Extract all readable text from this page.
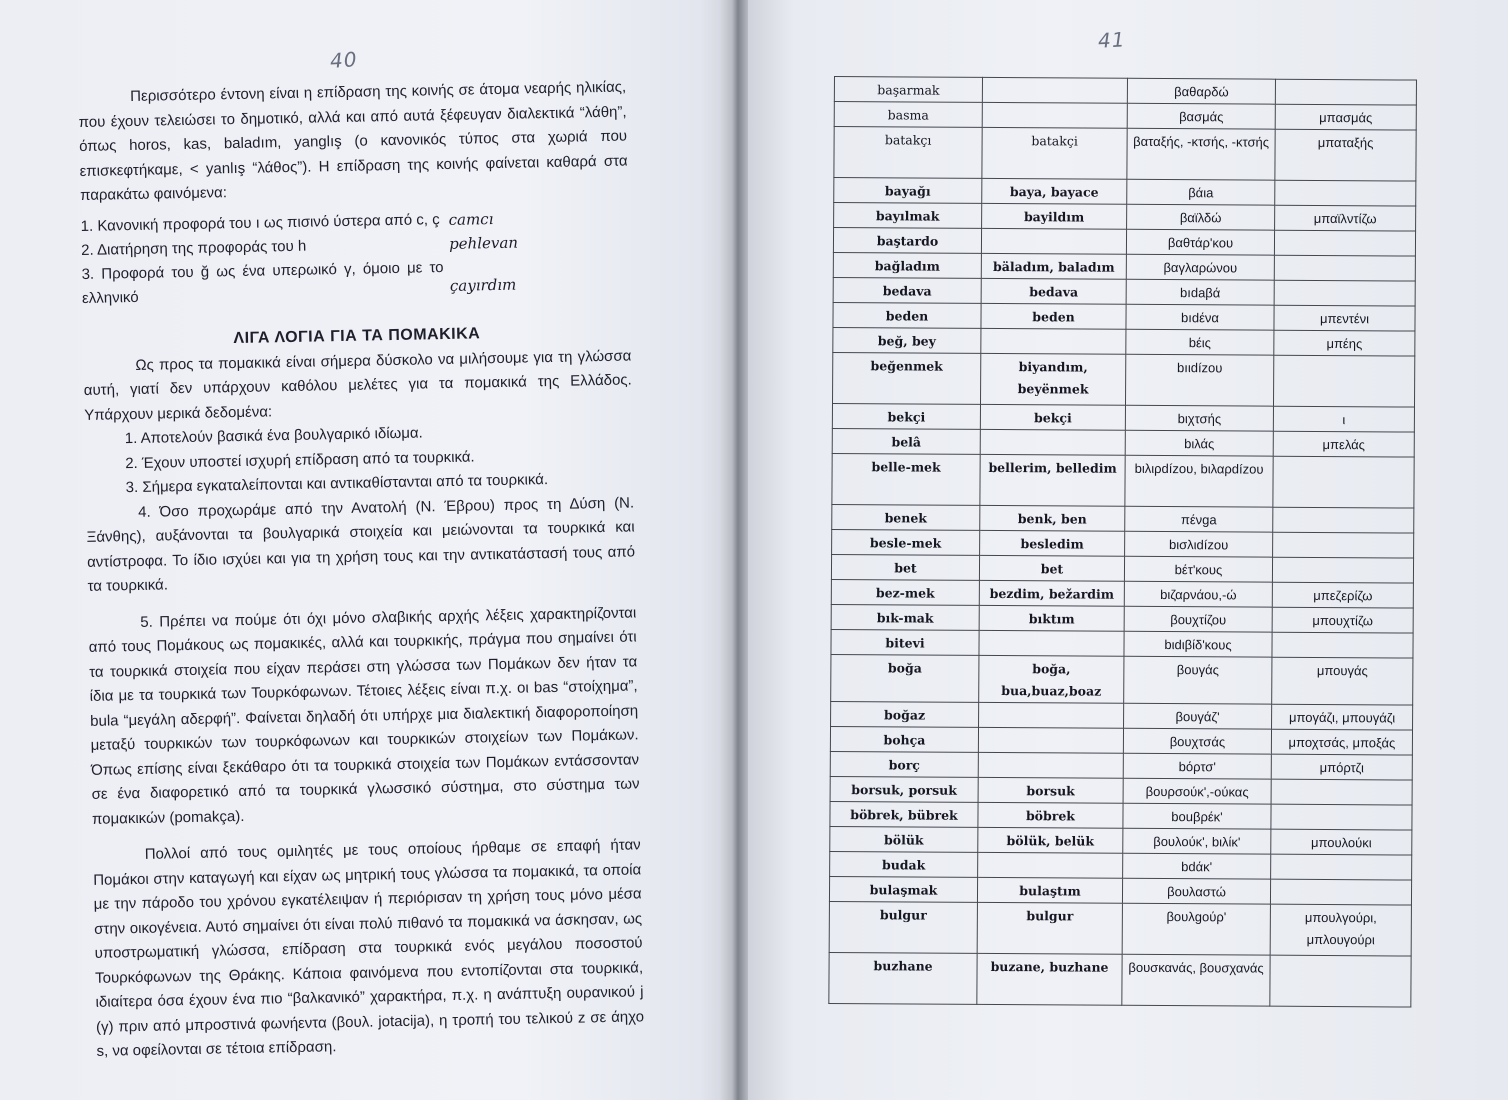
40

Περισσότερο έντονη είναι η επίδραση της κοινής σε άτομα νεαρής ηλικίας, που έχουν τελειώσει το δημοτικό, αλλά και από αυτά ξέφευγαν διαλεκτικά “λάθη”, όπως horos, kas, baladım, yanglış (ο κανονικός τύπος στα χωριά που επισκεφτήκαμε, < yanlış “λάθος”). Η επίδραση της κοινής φαίνεται καθαρά στα παρακάτω φαινόμενα:

1. Κανονική προφορά του ı ως πισινό ύστερα από c, ç camcı
2. Διατήρηση της προφοράς του h	pehlevan
3. Προφορά του ğ ως ένα υπερωικό γ, όμοιο με το ελληνικό
çayırdım
ΛΙΓΑ ΛΟΓΙΑ ΓΙΑ ΤΑ ΠΟΜΑΚΙΚΑ

Ως προς τα πομακικά είναι σήμερα δύσκολο να μιλήσουμε για τη γλώσσα αυτή, γιατί δεν υπάρχουν καθόλου μελέτες για τα πομακικά της Ελλάδος. Υπάρχουν μερικά δεδομένα:

1. Αποτελούν βασικά ένα βουλγαρικό ιδίωμα.
2. Έχουν υποστεί ισχυρή επίδραση από τα τουρκικά.
3. Σήμερα εγκαταλείπονται και αντικαθίστανται από τα τουρκικά.

4. Όσο προχωράμε από την Ανατολή (Ν. Έβρου) προς τη Δύση (Ν. Ξάνθης), αυξάνονται τα βουλγαρικά στοιχεία και μειώνονται τα τουρκικά και αντίστροφα. Το ίδιο ισχύει και για τη χρήση τους και την αντικατάστασή τους από τα τουρκικά.

5. Πρέπει να πούμε ότι όχι μόνο σλαβικής αρχής λέξεις χαρακτηρίζονται από τους Πομάκους ως πομακικές, αλλά και τουρκικής, πράγμα που σημαίνει ότι τα τουρκικά στοιχεία που είχαν περάσει στη γλώσσα των Πομάκων δεν ήταν τα ίδια με τα τουρκικά των Τουρκόφωνων. Τέτοιες λέξεις είναι π.χ. οι bas “στοίχημα”, bula “μεγάλη αδερφή”. Φαίνεται δηλαδή ότι υπήρχε μια διαλεκτική διαφοροποίηση μεταξύ τουρκικών των τουρκόφωνων και τουρκικών στοιχείων των Πομάκων. Όπως επίσης είναι ξεκάθαρο ότι τα τουρκικά στοιχεία των Πομάκων εντάσσονταν σε ένα διαφορετικό από τα τουρκικά γλωσσικό σύστημα, στο σύστημα των πομακικών (pomakça).

Πολλοί από τους ομιλητές με τους οποίους ήρθαμε σε επαφή ήταν Πομάκοι στην καταγωγή και είχαν ως μητρική τους γλώσσα τα πομακικά, τα οποία με την πάροδο του χρόνου εγκατέλειψαν ή περιόρισαν τη χρήση τους μόνο μέσα στην οικογένεια. Αυτό σημαίνει ότι είναι πολύ πιθανό τα πομακικά να άσκησαν, ως υποστρωματική γλώσσα, επίδραση στα τουρκικά ενός μεγάλου ποσοστού Τουρκόφωνων της Θράκης. Κάποια φαινόμενα που εντοπίζονται στα τουρκικά, ιδιαίτερα όσα έχουν ένα πιο “βαλκανικό” χαρακτήρα, π.χ. η ανάπτυξη ουρανικού j (γ) πριν από μπροστινά φωνήεντα (βουλ. jotacija), η τροπή του τελικού z σε άηχο s, να οφείλονται σε τέτοια επίδραση.

41
başarmak		βαθαρδώ	
basma		βασμάς	μπασμάς
batakçı	batakçi	βαταξής, -κτσής, -κτσής	μπαταξής
bayağı	baya, bayace	βάιa	
bayılmak	bayildım	βαϊλδώ	μπαϊλντίζω
baştardo		βαθτάρ'κου	
bağladım	bäladım, baladım	βαγλαρώνου	
bedava	bedava	bıdaβά	
beden	beden	bıdένα	μπεντένι
beğ, bey		bέις	μπέης
beğenmek	biyandım, beyënmek	bıιdízου	
bekçi	bekçi	bιχτσής	ι
belâ		bιλάς	μπελάς
belle-mek	bellerim, belledim	bιλιρdízου, bιλαρdízου	
benek	benk, ben	πένga	
besle-mek	besledim	bισλιdízου	
bet	bet	bέτ'κους	
bez-mek	bezdim, bežardim	bιζαρνάου,-ώ	μπεζερίζω
bık-mak	bıktım	βουχτίζου	μπουχτίζω
bitevi		bιdιβίδ'κους	
boğa	boğa, bua,buaz,boaz	βουγάς	μπουγάς
boğaz		βουγάζ'	μπογάζι, μπουγάζι
bohça		βουχτσάς	μποχτσάς, μποξάς
borç		bόρτσ'	μπόρτζι
borsuk, porsuk	borsuk	βουρσούκ',-ούκας	
böbrek, bübrek	böbrek	bouβρέκ'	
bölük	bölük, belük	βουλούκ', bιλίκ'	μπουλούκι
budak		bdάκ'	
bulaşmak	bulaştım	βουλαστώ	
bulgur	bulgur	βουλgούρ'	μπουλγούρι, μπλουγούρι
buzhane	buzane, buzhane	βουσκανάς, βουσχανάς	
